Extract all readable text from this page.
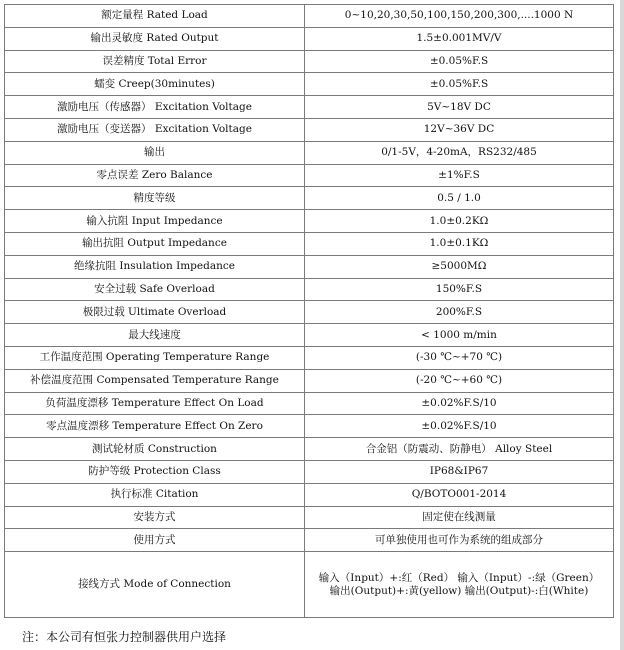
额定量程 Rated Load	0~10,20,30,50,100,150,200,300,....1000 N
输出灵敏度 Rated Output	1.5±0.001MV/V
误差精度 Total Error	±0.05%F.S
蠕变 Creep(30minutes)	±0.05%F.S
激励电压（传感器） Excitation Voltage	5V~18V DC
激励电压（变送器） Excitation Voltage	12V~36V DC
输出	0/1-5V，4-20mA，RS232/485
零点误差 Zero Balance	±1%F.S
精度等级	0.5 / 1.0
输入抗阻 Input Impedance	1.0±0.2KΩ
输出抗阻 Output Impedance	1.0±0.1KΩ
绝缘抗阻 Insulation Impedance	≥5000MΩ
安全过载 Safe Overload	150%F.S
极限过载 Ultimate Overload	200%F.S
最大线速度	< 1000 m/min
工作温度范围 Operating Temperature Range	(-30 ℃~+70 ℃)
补偿温度范围 Compensated Temperature Range	(-20 ℃~+60 ℃)
负荷温度漂移 Temperature Effect On Load	±0.02%F.S/10
零点温度漂移 Temperature Effect On Zero	±0.02%F.S/10
测试轮材质 Construction	合金铝（防震动、防静电） Alloy Steel
防护等级 Protection Class	IP68&IP67
执行标准 Citation	Q/BOTO001-2014
安装方式	固定使在线测量
使用方式	可单独使用也可作为系统的组成部分
接线方式 Mode of Connection	输入（Input）+:红（Red） 输入（Input）-:绿（Green）
输出(Output)+:黄(yellow) 输出(Output)-:白(White)
注：本公司有恒张力控制器供用户选择
